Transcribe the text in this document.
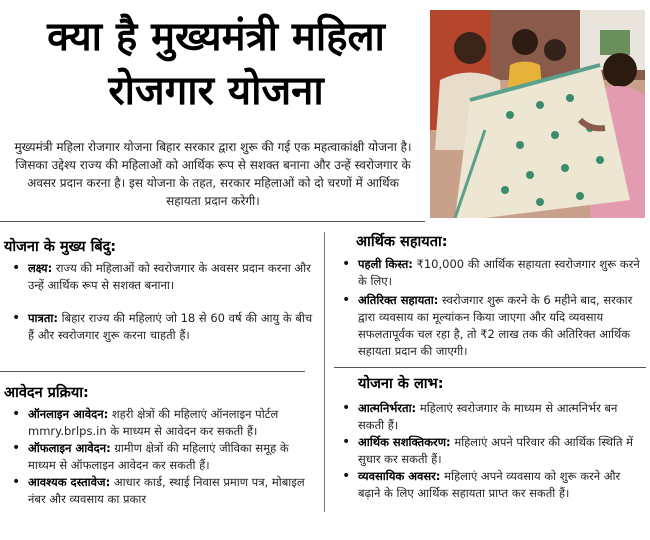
क्या है मुख्यमंत्री महिला रोजगार योजना
मुख्यमंत्री महिला रोजगार योजना बिहार सरकार द्वारा शुरू की गई एक महत्वाकांक्षी योजना है। जिसका उद्देश्य राज्य की महिलाओं को आर्थिक रूप से सशक्त बनाना और उन्हें स्वरोजगार के अवसर प्रदान करना है। इस योजना के तहत, सरकार महिलाओं को दो चरणों में आर्थिक सहायता प्रदान करेगी।
योजना के मुख्य बिंदु:
• लक्ष्य: राज्य की महिलाओं को स्वरोजगार के अवसर प्रदान करना और उन्हें आर्थिक रूप से सशक्त बनाना।
• पात्रता: बिहार राज्य की महिलाएं जो 18 से 60 वर्ष की आयु के बीच हैं और स्वरोजगार शुरू करना चाहती हैं।
आवेदन प्रक्रिया:
• ऑनलाइन आवेदन: शहरी क्षेत्रों की महिलाएं ऑनलाइन पोर्टल mmry.brlps.in के माध्यम से आवेदन कर सकती हैं।
• ऑफलाइन आवेदन: ग्रामीण क्षेत्रों की महिलाएं जीविका समूह के माध्यम से ऑफलाइन आवेदन कर सकती हैं।
• आवश्यक दस्तावेज: आधार कार्ड, स्थाई निवास प्रमाण पत्र, मोबाइल नंबर और व्यवसाय का प्रकार
आर्थिक सहायता:
• पहली किस्त: ₹10,000 की आर्थिक सहायता स्वरोजगार शुरू करने के लिए।
• अतिरिक्त सहायता: स्वरोजगार शुरू करने के 6 महीने बाद, सरकार द्वारा व्यवसाय का मूल्यांकन किया जाएगा और यदि व्यवसाय सफलतापूर्वक चल रहा है, तो ₹2 लाख तक की अतिरिक्त आर्थिक सहायता प्रदान की जाएगी।
योजना के लाभ:
• आत्मनिर्भरता: महिलाएं स्वरोजगार के माध्यम से आत्मनिर्भर बन सकती हैं।
• आर्थिक सशक्तिकरण: महिलाएं अपने परिवार की आर्थिक स्थिति में सुधार कर सकती हैं।
• व्यवसायिक अवसर: महिलाएं अपने व्यवसाय को शुरू करने और बढ़ाने के लिए आर्थिक सहायता प्राप्त कर सकती हैं।
